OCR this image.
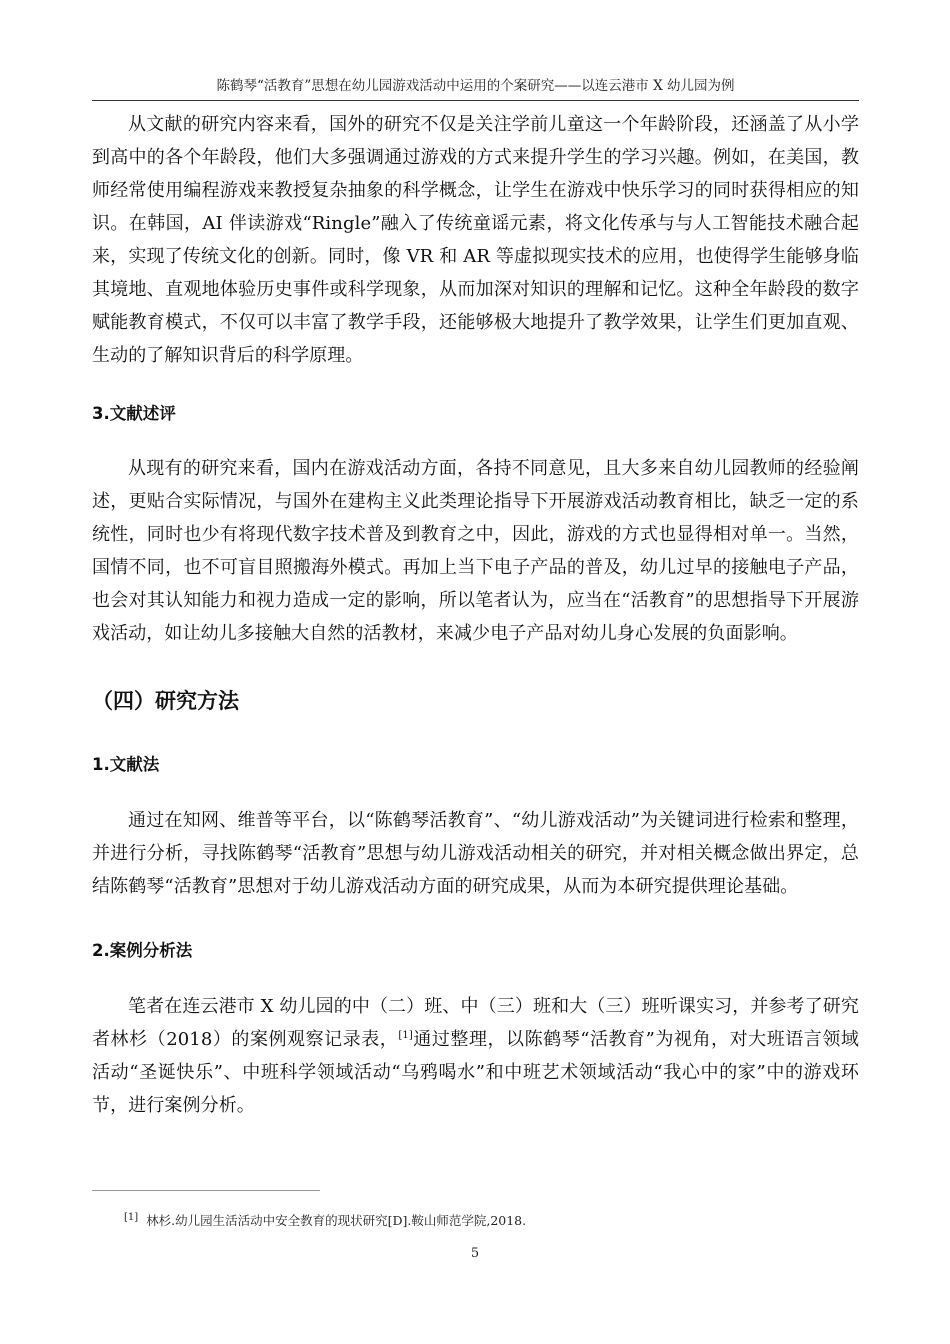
陈鹤琴“活教育”思想在幼儿园游戏活动中运用的个案研究——以连云港市 X 幼儿园为例

从文献的研究内容来看，国外的研究不仅是关注学前儿童这一个年龄阶段，还涵盖了从小学到高中的各个年龄段，他们大多强调通过游戏的方式来提升学生的学习兴趣。例如，在美国，教师经常使用编程游戏来教授复杂抽象的科学概念，让学生在游戏中快乐学习的同时获得相应的知识。在韩国，AI 伴读游戏“Ringle”融入了传统童谣元素，将文化传承与与人工智能技术融合起来，实现了传统文化的创新。同时，像 VR 和 AR 等虚拟现实技术的应用，也使得学生能够身临其境地、直观地体验历史事件或科学现象，从而加深对知识的理解和记忆。这种全年龄段的数字赋能教育模式，不仅可以丰富了教学手段，还能够极大地提升了教学效果，让学生们更加直观、生动的了解知识背后的科学原理。

3.文献述评

从现有的研究来看，国内在游戏活动方面，各持不同意见，且大多来自幼儿园教师的经验阐述，更贴合实际情况，与国外在建构主义此类理论指导下开展游戏活动教育相比，缺乏一定的系统性，同时也少有将现代数字技术普及到教育之中，因此，游戏的方式也显得相对单一。当然，国情不同，也不可盲目照搬海外模式。再加上当下电子产品的普及，幼儿过早的接触电子产品，也会对其认知能力和视力造成一定的影响，所以笔者认为，应当在“活教育”的思想指导下开展游戏活动，如让幼儿多接触大自然的活教材，来减少电子产品对幼儿身心发展的负面影响。

（四）研究方法
1.文献法

通过在知网、维普等平台，以“陈鹤琴活教育”、“幼儿游戏活动”为关键词进行检索和整理，并进行分析，寻找陈鹤琴“活教育”思想与幼儿游戏活动相关的研究，并对相关概念做出界定，总结陈鹤琴“活教育”思想对于幼儿游戏活动方面的研究成果，从而为本研究提供理论基础。

2.案例分析法

笔者在连云港市 X 幼儿园的中（二）班、中（三）班和大（三）班听课实习，并参考了研究者林杉（2018）的案例观察记录表，[1]通过整理，以陈鹤琴“活教育”为视角，对大班语言领域活动“圣诞快乐”、中班科学领域活动“乌鸦喝水”和中班艺术领域活动“我心中的家”中的游戏环节，进行案例分析。

[1] 林杉.幼儿园生活活动中安全教育的现状研究[D].鞍山师范学院,2018.
5
